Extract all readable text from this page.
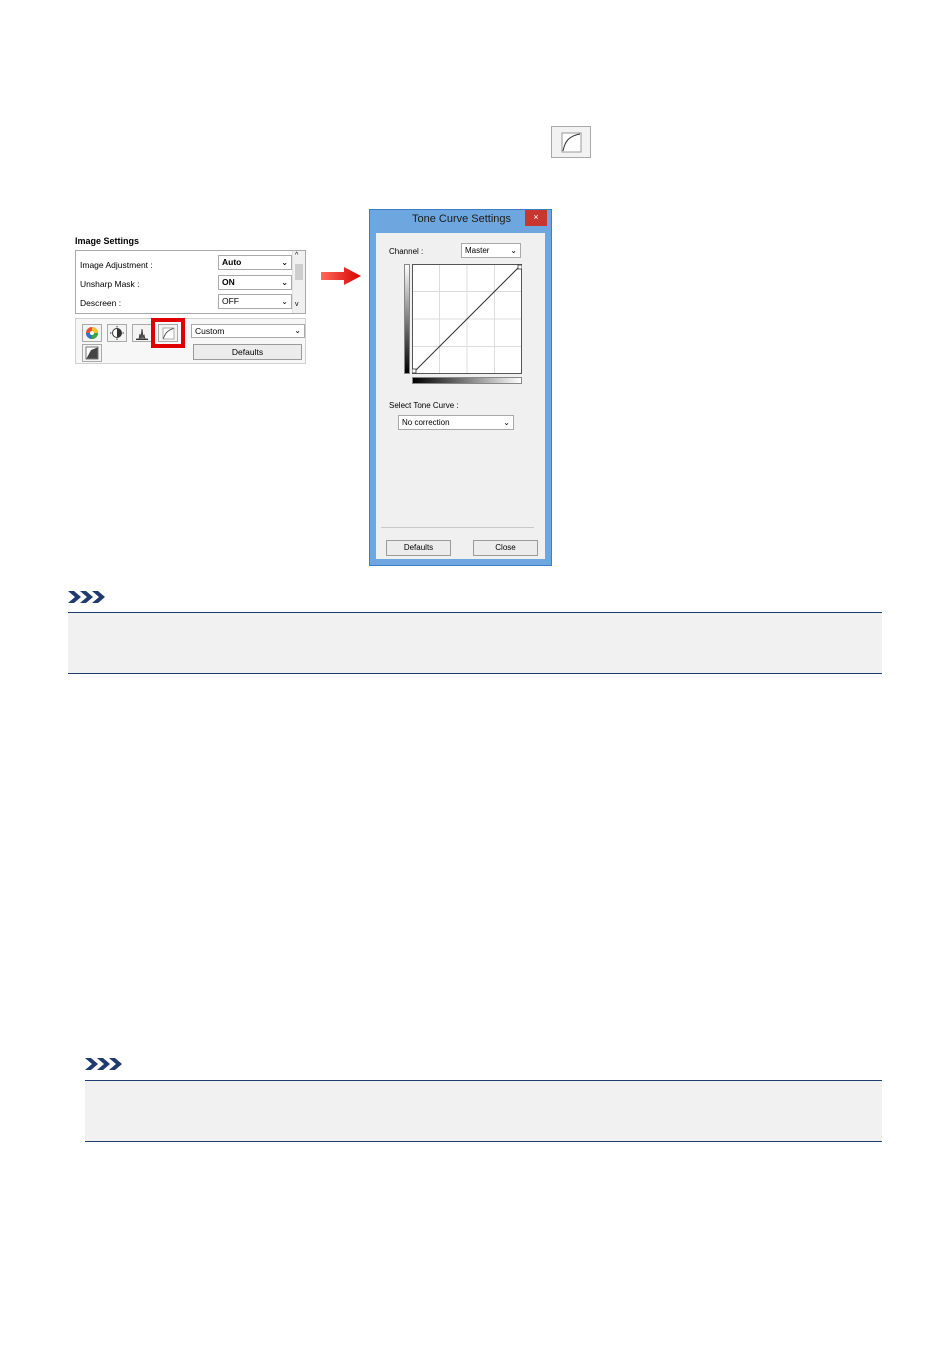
Image Settings
Image Adjustment :	Auto	⌄
Unsharp Mask :	ON	⌄
Descreen :	OFF	⌄
^
v
Custom	⌄
Defaults
Tone Curve Settings	×
Channel :	Master	⌄
Select Tone Curve :
No correction	⌄
Defaults	Close
